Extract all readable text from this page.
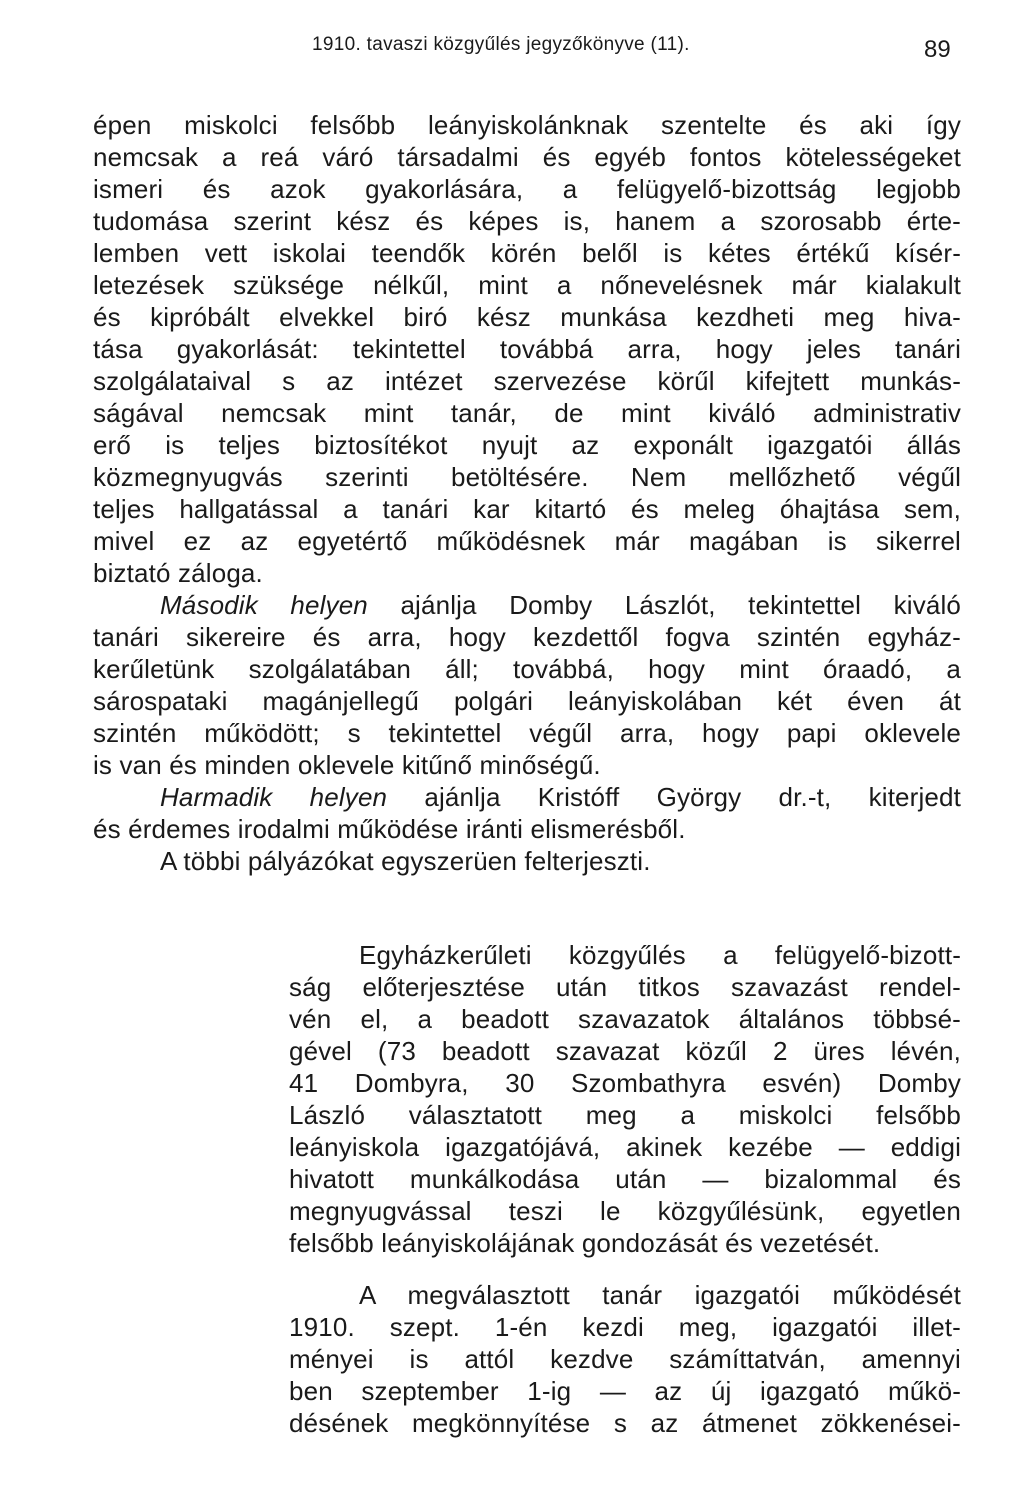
1910. tavaszi közgyűlés jegyzőkönyve (11).	89
épen miskolci felsőbb leányiskolánknak szentelte és aki így
nemcsak a reá váró társadalmi és egyéb fontos kötelességeket
ismeri és azok gyakorlására, a felügyelő-bizottság legjobb
tudomása szerint kész és képes is, hanem a szorosabb érte-
lemben vett iskolai teendők körén belől is kétes értékű kísér-
letezések szüksége nélkűl, mint a nőnevelésnek már kialakult
és kipróbált elvekkel biró kész munkása kezdheti meg hiva-
tása gyakorlását: tekintettel továbbá arra, hogy jeles tanári
szolgálataival s az intézet szervezése körűl kifejtett munkás-
ságával nemcsak mint tanár, de mint kiváló administrativ
erő is teljes biztosítékot nyujt az exponált igazgatói állás
közmegnyugvás szerinti betöltésére. Nem mellőzhető végűl
teljes hallgatással a tanári kar kitartó és meleg óhajtása sem,
mivel ez az egyetértő működésnek már magában is sikerrel
biztató záloga.
Második helyen ajánlja Domby Lászlót, tekintettel kiváló
tanári sikereire és arra, hogy kezdettől fogva szintén egyház-
kerűletünk szolgálatában áll; továbbá, hogy mint óraadó, a
sárospataki magánjellegű polgári leányiskolában két éven át
szintén működött; s tekintettel végűl arra, hogy papi oklevele
is van és minden oklevele kitűnő minőségű.
Harmadik helyen ajánlja Kristóff György dr.-t, kiterjedt
és érdemes irodalmi működése iránti elismerésből.
A többi pályázókat egyszerüen felterjeszti.
Egyházkerűleti közgyűlés a felügyelő-bizott-
ság előterjesztése után titkos szavazást rendel-
vén el, a beadott szavazatok általános többsé-
gével (73 beadott szavazat közűl 2 üres lévén,
41 Dombyra, 30 Szombathyra esvén) Domby
László választatott meg a miskolci felsőbb
leányiskola igazgatójává, akinek kezébe — eddigi
hivatott munkálkodása után — bizalommal és
megnyugvással teszi le közgyűlésünk, egyetlen
felsőbb leányiskolájának gondozását és vezetését.
A megválasztott tanár igazgatói működését
1910. szept. 1-én kezdi meg, igazgatói illet-
ményei is attól kezdve számíttatván, amennyi
ben szeptember 1-ig — az új igazgató műkö-
désének megkönnyítése s az átmenet zökkenései-
